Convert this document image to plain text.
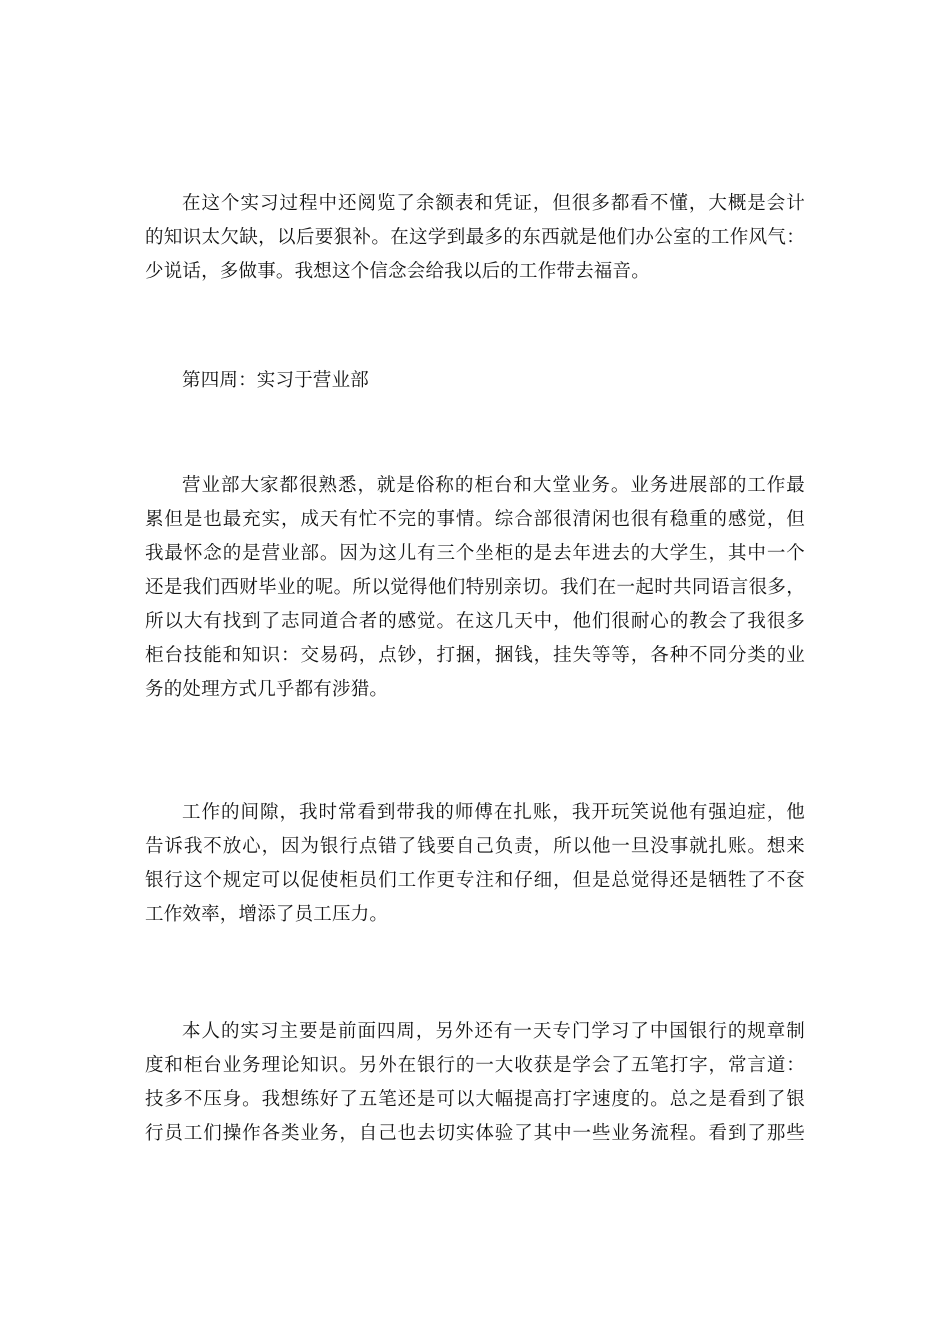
在这个实习过程中还阅览了余额表和凭证，但很多都看不懂，大概是会计
的知识太欠缺，以后要狠补。在这学到最多的东西就是他们办公室的工作风气：
少说话，多做事。我想这个信念会给我以后的工作带去福音。
第四周：实习于营业部
营业部大家都很熟悉，就是俗称的柜台和大堂业务。业务进展部的工作最
累但是也最充实，成天有忙不完的事情。综合部很清闲也很有稳重的感觉，但
我最怀念的是营业部。因为这儿有三个坐柜的是去年进去的大学生，其中一个
还是我们西财毕业的呢。所以觉得他们特别亲切。我们在一起时共同语言很多，
所以大有找到了志同道合者的感觉。在这几天中，他们很耐心的教会了我很多
柜台技能和知识：交易码，点钞，打捆，捆钱，挂失等等，各种不同分类的业
务的处理方式几乎都有涉猎。
工作的间隙，我时常看到带我的师傅在扎账，我开玩笑说他有强迫症，他
告诉我不放心，因为银行点错了钱要自己负责，所以他一旦没事就扎账。想来
银行这个规定可以促使柜员们工作更专注和仔细，但是总觉得还是牺牲了不奁
工作效率，增添了员工压力。
本人的实习主要是前面四周，另外还有一天专门学习了中国银行的规章制
度和柜台业务理论知识。另外在银行的一大收获是学会了五笔打字，常言道：
技多不压身。我想练好了五笔还是可以大幅提高打字速度的。总之是看到了银
行员工们操作各类业务，自己也去切实体验了其中一些业务流程。看到了那些
